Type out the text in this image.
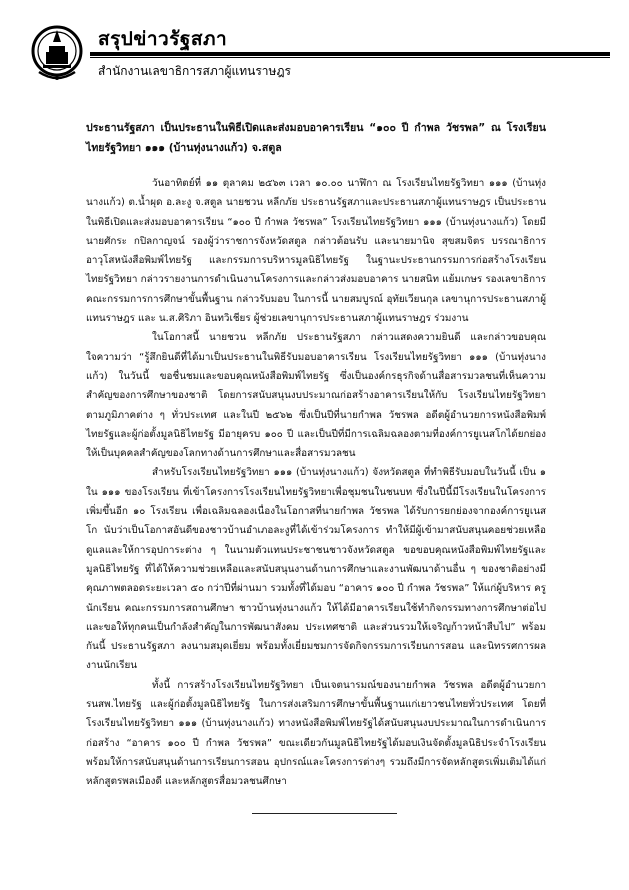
สรุปข่าวรัฐสภา
สำนักงานเลขาธิการสภาผู้แทนราษฎร

ประธานรัฐสภา เป็นประธานในพิธีเปิดและส่งมอบอาคารเรียน “๑๐๐ ปี กำพล วัชรพล” ณ โรงเรียนไทยรัฐวิทยา ๑๑๑ (บ้านทุ่งนางแก้ว) จ.สตูล

วันอาทิตย์ที่ ๑๑ ตุลาคม ๒๕๖๓ เวลา ๑๐.๐๐ นาฬิกา ณ โรงเรียนไทยรัฐวิทยา ๑๑๑ (บ้านทุ่งนางแก้ว) ต.น้ำผุด อ.ละงู จ.สตูล นายชวน หลีกภัย ประธานรัฐสภาและประธานสภาผู้แทนราษฎร เป็นประธานในพิธีเปิดและส่งมอบอาคารเรียน “๑๐๐ ปี กำพล วัชรพล” โรงเรียนไทยรัฐวิทยา ๑๑๑ (บ้านทุ่งนางแก้ว) โดยมี นายศักระ กปิลกาญจน์ รองผู้ว่าราชการจังหวัดสตูล กล่าวต้อนรับ และนายมานิจ สุขสมจิตร บรรณาธิการอาวุโสหนังสือพิมพ์ไทยรัฐ และกรรมการบริหารมูลนิธิไทยรัฐ ในฐานะประธานกรรมการก่อสร้างโรงเรียนไทยรัฐวิทยา กล่าวรายงานการดำเนินงานโครงการและกล่าวส่งมอบอาคาร นายสนิท แย้มเกษร รองเลขาธิการคณะกรรมการการศึกษาขั้นพื้นฐาน กล่าวรับมอบ ในการนี้ นายสมบูรณ์ อุทัยเวียนกุล เลขานุการประธานสภาผู้แทนราษฎร และ น.ส.ศิริภา อินทวิเชียร ผู้ช่วยเลขานุการประธานสภาผู้แทนราษฎร ร่วมงาน

ในโอกาสนี้ นายชวน หลีกภัย ประธานรัฐสภา กล่าวแสดงความยินดี และกล่าวขอบคุณใจความว่า “รู้สึกยินดีที่ได้มาเป็นประธานในพิธีรับมอบอาคารเรียน โรงเรียนไทยรัฐวิทยา ๑๑๑ (บ้านทุ่งนางแก้ว) ในวันนี้ ขอชื่นชมและขอบคุณหนังสือพิมพ์ไทยรัฐ ซึ่งเป็นองค์กรธุรกิจด้านสื่อสารมวลชนที่เห็นความสำคัญของการศึกษาของชาติ โดยการสนับสนุนงบประมาณก่อสร้างอาคารเรียนให้กับ โรงเรียนไทยรัฐวิทยาตามภูมิภาคต่าง ๆ ทั่วประเทศ และในปี ๒๕๖๒ ซึ่งเป็นปีที่นายกำพล วัชรพล อดีตผู้อำนวยการหนังสือพิมพ์ไทยรัฐและผู้ก่อตั้งมูลนิธิไทยรัฐ มีอายุครบ ๑๐๐ ปี และเป็นปีที่มีการเฉลิมฉลองตามที่องค์การยูเนสโกได้ยกย่องให้เป็นบุคคลสำคัญของโลกทางด้านการศึกษาและสื่อสารมวลชน

สำหรับโรงเรียนไทยรัฐวิทยา ๑๑๑ (บ้านทุ่งนางแก้ว) จังหวัดสตูล ที่ทำพิธีรับมอบในวันนี้ เป็น ๑ ใน ๑๑๑ ของโรงเรียน ที่เข้าโครงการโรงเรียนไทยรัฐวิทยาเพื่อชุมชนในชนบท ซึ่งในปีนี้มีโรงเรียนในโครงการเพิ่มขึ้นอีก ๑๐ โรงเรียน เพื่อเฉลิมฉลองเนื่องในโอกาสที่นายกำพล วัชรพล ได้รับการยกย่องจากองค์การยูเนสโก นับว่าเป็นโอกาสอันดีของชาวบ้านอำเภอละงูที่ได้เข้าร่วมโครงการ ทำให้มีผู้เข้ามาสนับสนุนคอยช่วยเหลือดูแลและให้การอุปการะต่าง ๆ ในนามตัวแทนประชาชนชาวจังหวัดสตูล ขอขอบคุณหนังสือพิมพ์ไทยรัฐและมูลนิธิไทยรัฐ ที่ได้ให้ความช่วยเหลือและสนับสนุนงานด้านการศึกษาและงานพัฒนาด้านอื่น ๆ ของชาติอย่างมีคุณภาพตลอดระยะเวลา ๕๐ กว่าปีที่ผ่านมา รวมทั้งที่ได้มอบ “อาคาร ๑๐๐ ปี กำพล วัชรพล” ให้แก่ผู้บริหาร ครู นักเรียน คณะกรรมการสถานศึกษา ชาวบ้านทุ่งนางแก้ว ให้ได้มีอาคารเรียนใช้ทำกิจกรรมทางการศึกษาต่อไป และขอให้ทุกคนเป็นกำลังสำคัญในการพัฒนาสังคม ประเทศชาติ และส่วนรวมให้เจริญก้าวหน้าสืบไป” พร้อมกันนี้ ประธานรัฐสภา ลงนามสมุดเยี่ยม พร้อมทั้งเยี่ยมชมการจัดกิจกรรมการเรียนการสอน และนิทรรศการผลงานนักเรียน

ทั้งนี้ การสร้างโรงเรียนไทยรัฐวิทยา เป็นเจตนารมณ์ของนายกำพล วัชรพล อดีตผู้อำนวยการนสพ.ไทยรัฐ และผู้ก่อตั้งมูลนิธิไทยรัฐ ในการส่งเสริมการศึกษาขั้นพื้นฐานแก่เยาวชนไทยทั่วประเทศ โดยที่โรงเรียนไทยรัฐวิทยา ๑๑๑ (บ้านทุ่งนางแก้ว) ทางหนังสือพิมพ์ไทยรัฐได้สนับสนุนงบประมาณในการดำเนินการก่อสร้าง “อาคาร ๑๐๐ ปี กำพล วัชรพล” ขณะเดียวกันมูลนิธิไทยรัฐได้มอบเงินจัดตั้งมูลนิธิประจำโรงเรียน พร้อมให้การสนับสนุนด้านการเรียนการสอน อุปกรณ์และโครงการต่างๆ รวมถึงมีการจัดหลักสูตรเพิ่มเติมได้แก่ หลักสูตรพลเมืองดี และหลักสูตรสื่อมวลชนศึกษา
